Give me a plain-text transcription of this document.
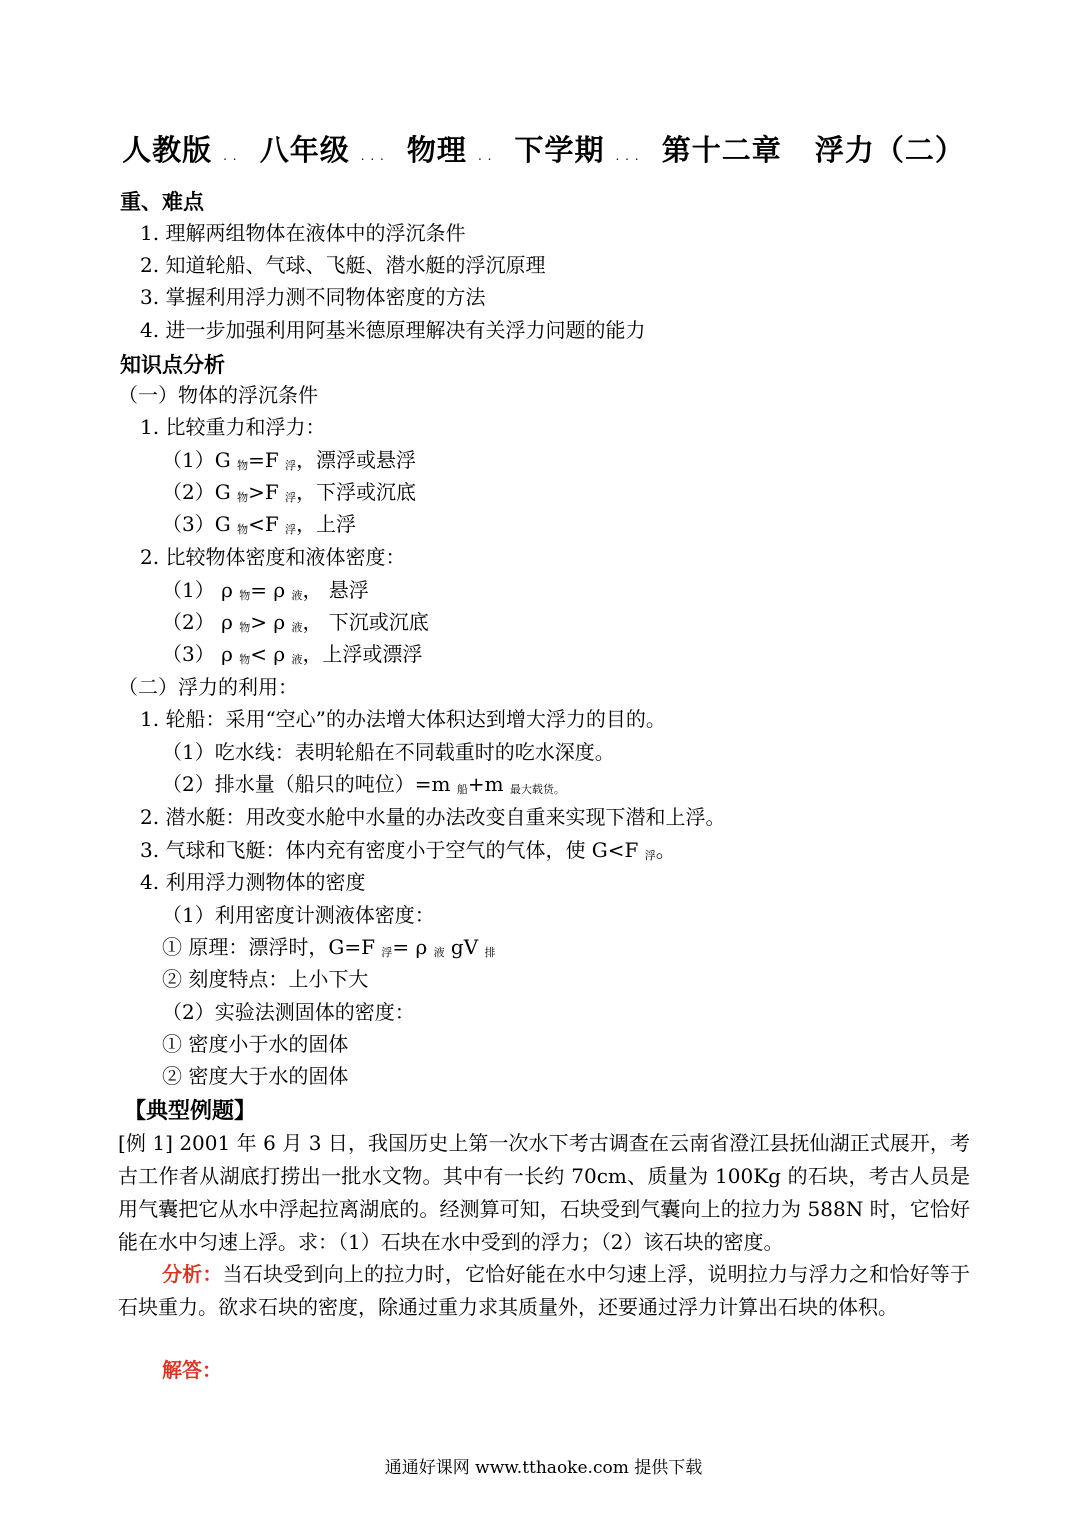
人教版 . . 八年级 . . . 物理 . . 下学期 . . . 第十二章 浮力（二）
重、难点
1. 理解两组物体在液体中的浮沉条件
2. 知道轮船、气球、飞艇、潜水艇的浮沉原理
3. 掌握利用浮力测不同物体密度的方法
4. 进一步加强利用阿基米德原理解决有关浮力问题的能力
知识点分析
（一）物体的浮沉条件
1. 比较重力和浮力：
（1）G 物=F 浮，漂浮或悬浮
（2）G 物>F 浮，下浮或沉底
（3）G 物<F 浮，上浮
2. 比较物体密度和液体密度：
（1） ρ 物= ρ 液， 悬浮
（2） ρ 物> ρ 液， 下沉或沉底
（3） ρ 物< ρ 液，上浮或漂浮
（二）浮力的利用：
1. 轮船：采用“空心”的办法增大体积达到增大浮力的目的。
（1）吃水线：表明轮船在不同载重时的吃水深度。
（2）排水量（船只的吨位）=m 船+m 最大载货。
2. 潜水艇：用改变水舱中水量的办法改变自重来实现下潜和上浮。
3. 气球和飞艇：体内充有密度小于空气的气体，使 G<F 浮。
4. 利用浮力测物体的密度
（1）利用密度计测液体密度：
① 原理：漂浮时，G=F 浮= ρ 液 gV 排
② 刻度特点：上小下大
（2）实验法测固体的密度：
① 密度小于水的固体
② 密度大于水的固体
【典型例题】
[例 1] 2001 年 6 月 3 日，我国历史上第一次水下考古调查在云南省澄江县抚仙湖正式展开，考古工作者从湖底打捞出一批水文物。其中有一长约 70cm、质量为 100Kg 的石块，考古人员是用气囊把它从水中浮起拉离湖底的。经测算可知，石块受到气囊向上的拉力为 588N 时，它恰好能在水中匀速上浮。求：（1）石块在水中受到的浮力；（2）该石块的密度。
分析：当石块受到向上的拉力时，它恰好能在水中匀速上浮，说明拉力与浮力之和恰好等于石块重力。欲求石块的密度，除通过重力求其质量外，还要通过浮力计算出石块的体积。
解答：
通通好课网 www.tthaoke.com 提供下载
